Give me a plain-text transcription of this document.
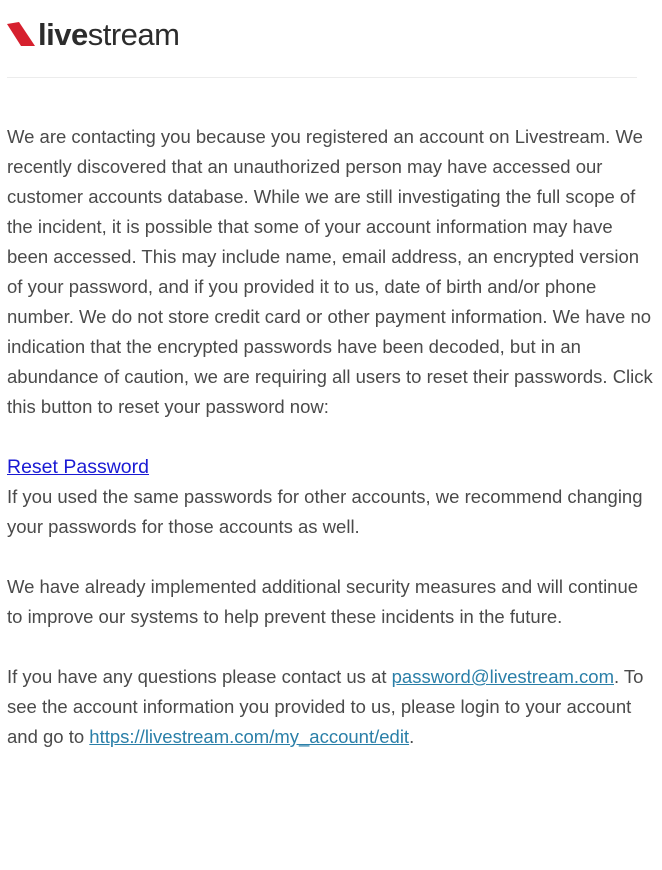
livestream

We are contacting you because you registered an account on Livestream. We recently discovered that an unauthorized person may have accessed our customer accounts database. While we are still investigating the full scope of the incident, it is possible that some of your account information may have been accessed. This may include name, email address, an encrypted version of your password, and if you provided it to us, date of birth and/or phone number. We do not store credit card or other payment information. We have no indication that the encrypted passwords have been decoded, but in an abundance of caution, we are requiring all users to reset their passwords. Click this button to reset your password now:

Reset Password
If you used the same passwords for other accounts, we recommend changing your passwords for those accounts as well.

We have already implemented additional security measures and will continue to improve our systems to help prevent these incidents in the future.

If you have any questions please contact us at password@livestream.com. To see the account information you provided to us, please login to your account and go to https://livestream.com/my_account/edit.
